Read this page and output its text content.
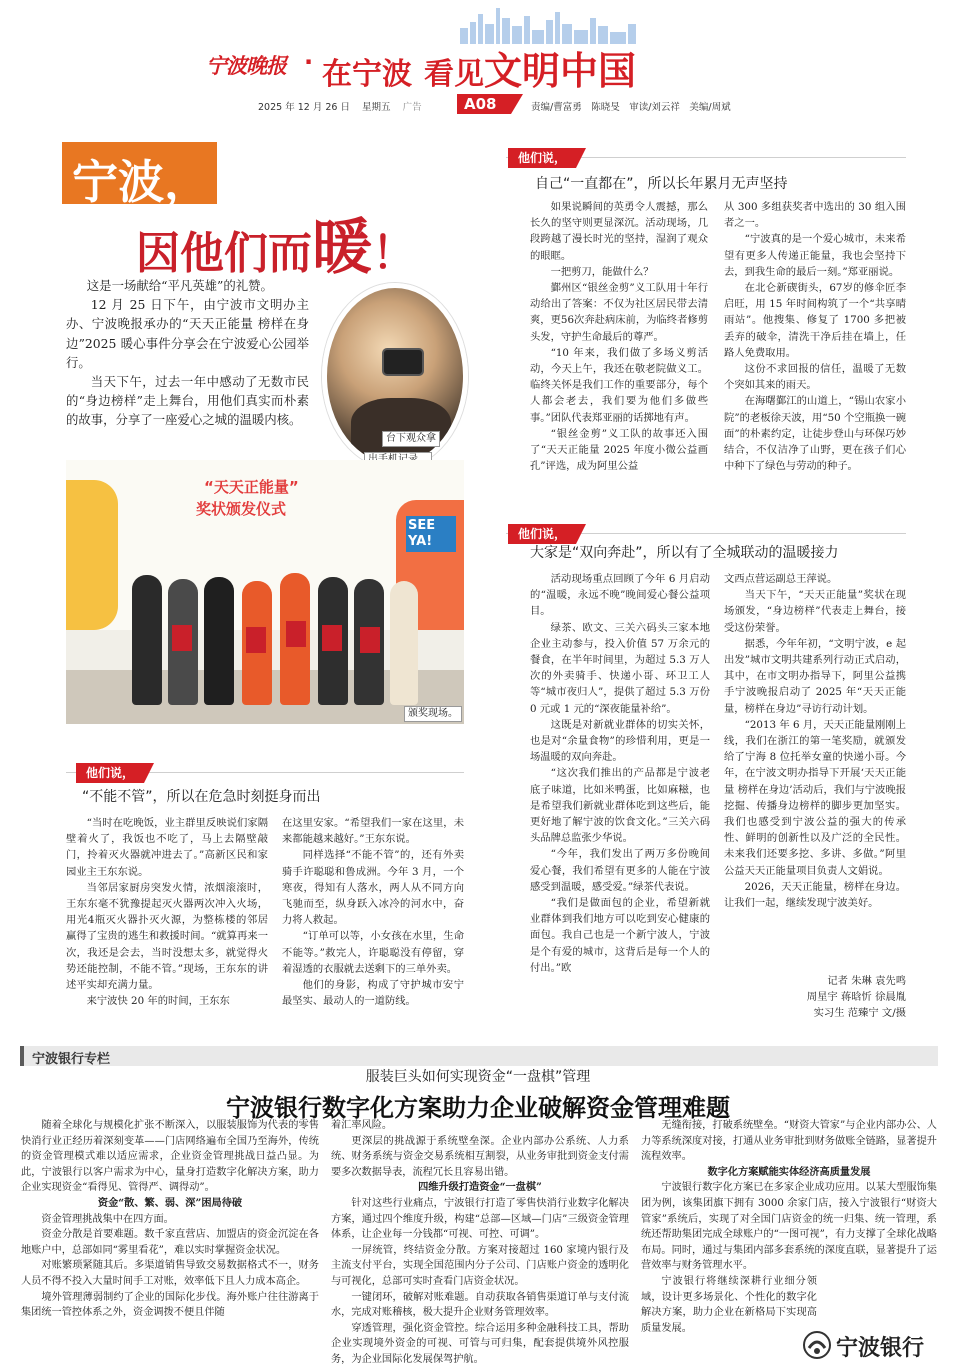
宁波晚报 · 在宁波 看见文明中国
2025 年 12 月 26 日 星期五 广告	A08	责编/曹富勇　陈晓旻　审读/刘云祥　美编/周斌
宁波，
因他们而暖！

这是一场献给“平凡英雄”的礼赞。

12 月 25 日下午，由宁波市文明办主办、宁波晚报承办的“天天正能量 榜样在身边”2025 暖心事件分享会在宁波爱心公园举行。

当天下午，过去一年中感动了无数市民的“身边榜样”走上舞台，用他们真实而朴素的故事，分享了一座爱心之城的温暖内核。

台下观众拿

SEE YA!
“天天正能量”
奖状颁发仪式
颁奖现场。
他们说，
“不能不管”，所以在危急时刻挺身而出

“当时在吃晚饭，业主群里反映说们家隔壁着火了，我饭也不吃了，马上去隔壁敲门，拎着灭火器就冲进去了。”高新区民和家园业主王东东说。

当邻居家厨房突发火情，浓烟滚滚时，王东东毫不犹豫提起灭火器两次冲入火场，用光4瓶灭火器扑灭火源，为整栋楼的邻居赢得了宝贵的逃生和救援时间。“就算再来一次，我还是会去，当时没想太多，就觉得火势还能控制，不能不管。”现场，王东东的讲述平实却充满力量。

来宁波快 20 年的时间，王东东

在这里安家。“希望我们一家在这里，未来都能越来越好。”王东东说。

同样选择“不能不管”的，还有外卖骑手许聪聪和鲁成洲。今年 3 月，一个寒夜，得知有人落水，两人从不同方向飞驰而至，纵身跃入冰冷的河水中，奋力将人救起。

“订单可以等，小女孩在水里，生命不能等。”救完人，许聪聪没有停留，穿着湿透的衣服就去送剩下的三单外卖。

他们的身影，构成了守护城市安宁最坚实、最动人的一道防线。

他们说，
自己“一直都在”，所以长年累月无声坚持

如果说瞬间的英勇令人震撼，那么长久的坚守则更显深沉。活动现场，几段跨越了漫长时光的坚持，湿润了观众的眼眶。

一把剪刀，能做什么？

鄞州区“银丝金剪”义工队用十年行动给出了答案：不仅为社区居民带去清爽，更56次奔赴病床前，为临终者修剪头发，守护生命最后的尊严。

“10 年来，我们做了多场义剪活动，今天上午，我还在敬老院做义工。临终关怀是我们工作的重要部分，每个人都会老去，我们要为他们多做些事。”团队代表郑亚丽的话掷地有声。

“银丝金剪”义工队的故事还入围了“天天正能量 2025 年度小微公益画孔”评选，成为阿里公益

从 300 多组获奖者中选出的 30 组入围者之一。

“宁波真的是一个爱心城市，未来希望有更多人传递正能量，我也会坚持下去，到我生命的最后一刻。”郑亚丽说。

在北仑新碶街头，67岁的修伞匠李启旺，用 15 年时间构筑了一个“共享晴雨站”。他搜集、修复了 1700 多把被丢弃的破伞，清洗干净后挂在墙上，任路人免费取用。

这份不求回报的信任，温暖了无数个突如其来的雨天。

在海曙鄞江的山道上，“锡山农家小院”的老板徐天波，用“50 个空瓶换一碗面”的朴素约定，让徒步登山与环保巧妙结合，不仅洁净了山野，更在孩子们心中种下了绿色与劳动的种子。

他们说，
大家是“双向奔赴”，所以有了全城联动的温暖接力

活动现场重点回顾了今年 6 月启动的“温暖，永远不晚”晚间爱心餐公益项目。

绿茶、欧文、三关六码头三家本地企业主动参与，投入价值 57 万余元的餐食，在半年时间里，为超过 5.3 万人次的外卖骑手、快递小哥、环卫工人等“城市夜归人”，提供了超过 5.3 万份 0 元或 1 元的“深夜能量补给”。

这既是对新就业群体的切实关怀，也是对“余量食物”的珍惜利用，更是一场温暖的双向奔赴。

“这次我们推出的产品都是宁波老底子味道，比如米鸭蛋，比如麻糍，也是希望我们新就业群体吃到这些后，能更好地了解宁波的饮食文化。”三关六码头品牌总监张少华说。

“今年，我们发出了两万多份晚间爱心餐，我们希望有更多的人能在宁波感受到温暖，感受爱。”绿茶代表说。

“我们是做面包的企业，希望新就业群体到我们地方可以吃到安心健康的面包。我自己也是一个新宁波人，宁波是个有爱的城市，这背后是每一个人的付出。”欧

文西点营运副总王萍说。

当天下午，“天天正能量”奖状在现场颁发，“身边榜样”代表走上舞台，接受这份荣誉。

据悉，今年年初，“文明宁波，e 起出发”城市文明共建系列行动正式启动，其中，在市文明办指导下，阿里公益携手宁波晚报启动了 2025 年“天天正能量，榜样在身边”寻访行动计划。

“2013 年 6 月，天天正能量刚刚上线，我们在浙江的第一笔奖励，就颁发给了宁海 8 位托举女童的快递小哥。今年，在宁波文明办指导下开展‘天天正能量 榜样在身边’活动后，我们与宁波晚报挖掘、传播身边榜样的脚步更加坚实。我们也感受到宁波公益的强大的传承性、鲜明的创新性以及广泛的全民性。未来我们还要多挖、多讲、多做。”阿里公益天天正能量项目负责人文娟说。

2026，天天正能量，榜样在身边。让我们一起，继续发现宁波美好。

记者 朱琳 袁先鸣
周星宇 蒋晗忻 徐晨胤
实习生 范臻宁 文/摄
宁波银行专栏
服装巨头如何实现资金“一盘棋”管理
宁波银行数字化方案助力企业破解资金管理难题

随着全球化与规模化扩张不断深入，以服装服饰为代表的零售快消行业正经历着深刻变革——门店网络遍布全国乃至海外，传统的资金管理模式难以适应需求，企业资金管理挑战日益凸显。为此，宁波银行以客户需求为中心，量身打造数字化解决方案，助力企业实现资金“看得见、管得严、调得动”。

资金“散、繁、弱、深”困局待破

资金管理挑战集中在四方面。

资金分散是首要难题。数千家直营店、加盟店的资金沉淀在各地账户中，总部如同“雾里看花”，难以实时掌握资金状况。

对账繁琐紧随其后。多渠道销售导致交易数据格式不一，财务人员不得不投入大量时间手工对账，效率低下且人力成本高企。

境外管理薄弱制约了企业的国际化步伐。海外账户往往游离于集团统一管控体系之外，资金调拨不便且伴随

着汇率风险。

更深层的挑战源于系统壁垒深。企业内部办公系统、人力系统、财务系统与资金交易系统相互割裂，从业务审批到资金支付需要多次数据导表，流程冗长且容易出错。

四维升级打造资金“一盘棋”

针对这些行业痛点，宁波银行打造了零售快消行业数字化解决方案，通过四个维度升级，构建“总部—区域—门店”三级资金管理体系，让企业每一分钱都“可视、可控、可调”。

一屏统管，终结资金分散。方案对接超过 160 家境内银行及主流支付平台，实现全国范围内分子公司、门店账户资金的透明化与可视化，总部可实时查看门店资金状况。

一键闭环，破解对账难题。自动获取各销售渠道订单与支付流水，完成对账稽核，极大提升企业财务管理效率。

穿透管理，强化资金管控。综合运用多种金融科技工具，帮助企业实现境外资金的可视、可管与可归集，配套提供境外风控服务，为企业国际化发展保驾护航。

无缝衔接，打破系统壁垒。“财资大管家”与企业内部办公、人力等系统深度对接，打通从业务审批到财务做账全链路，显著提升流程效率。

数字化方案赋能实体经济高质量发展

宁波银行数字化方案已在多家企业成功应用。以某大型服饰集团为例，该集团旗下拥有 3000 余家门店，接入宁波银行“财资大管家”系统后，实现了对全国门店资金的统一归集、统一管理，系统还帮助集团完成全球账户的“一图可视”，有力支撑了全球化战略布局。同时，通过与集团内部多套系统的深度直联，显著提升了运营效率与财务管理水平。

宁波银行将继续深耕行业细分领域，设计更多场景化、个性化的数字化解决方案，助力企业在新格局下实现高质量发展。

宁波银行
